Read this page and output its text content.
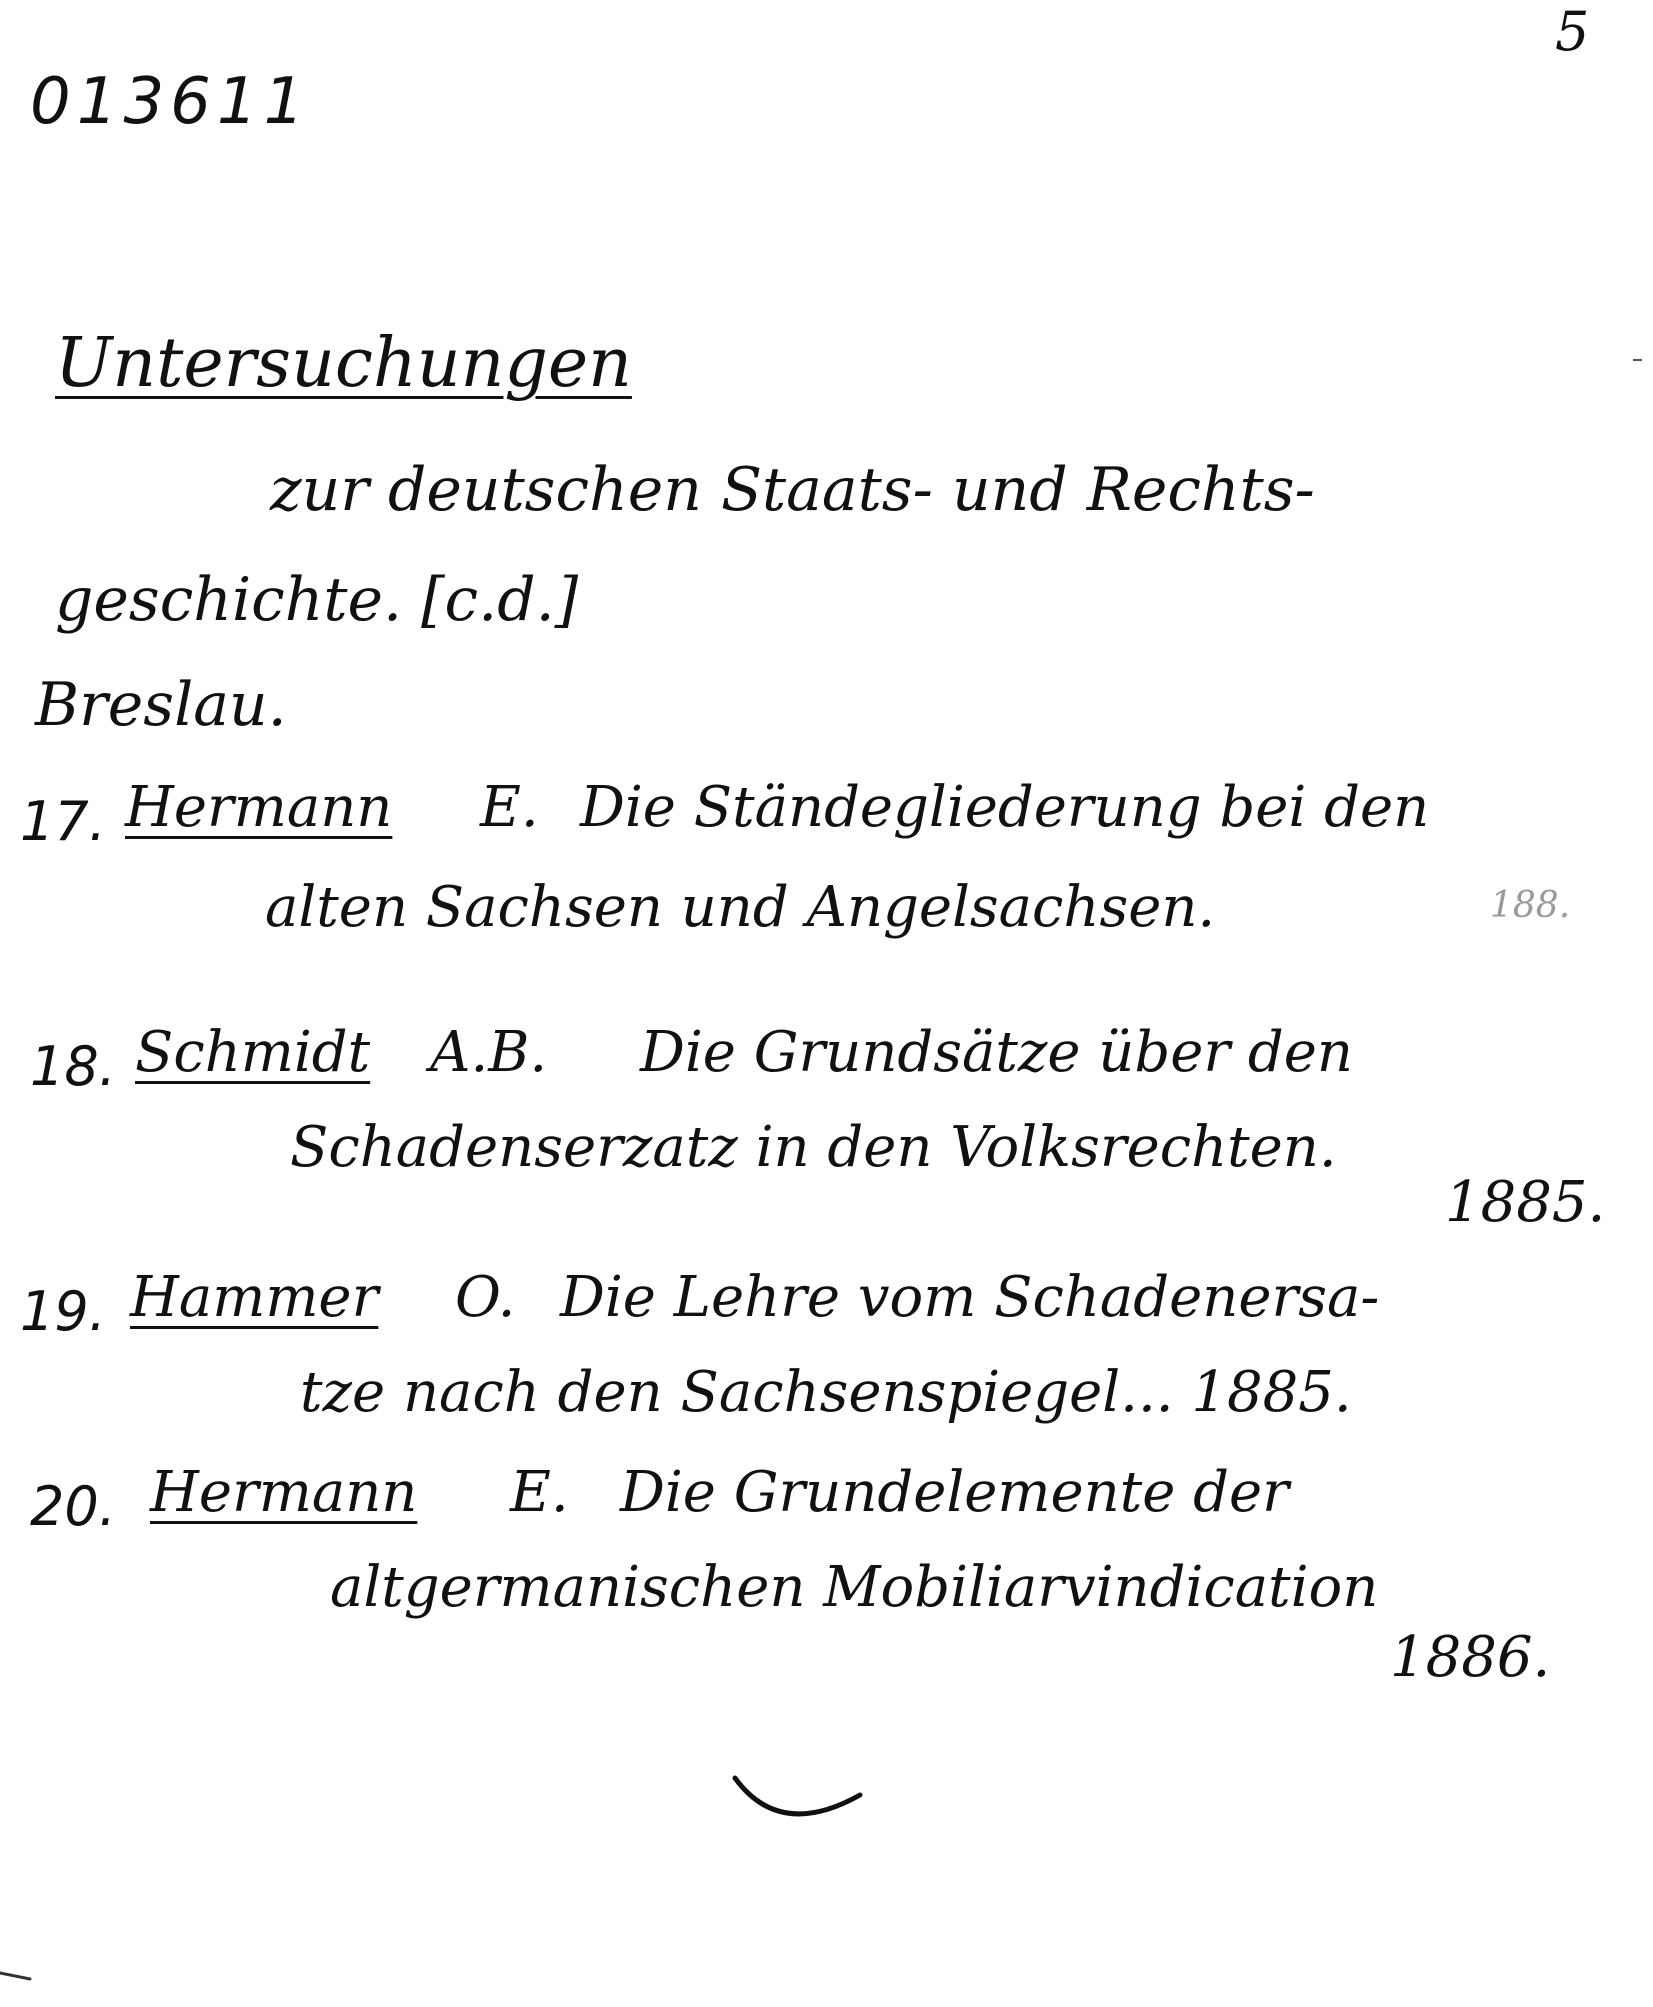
013611
5
Untersuchungen
zur deutschen Staats- und Rechts-
geschichte. [c.d.]
Breslau.
17. Hermann E. Die Ständegliederung bei den
alten Sachsen und Angelsachsen.	188.
18. Schmidt A.B. Die Grundsätze über den
Schadenserzatz in den Volksrechten.
1885.
19. Hammer O. Die Lehre vom Schadenersa-
tze nach den Sachsenspiegel... 1885.
20. Hermann E. Die Grundelemente der
altgermanischen Mobiliarvindication
1886.
